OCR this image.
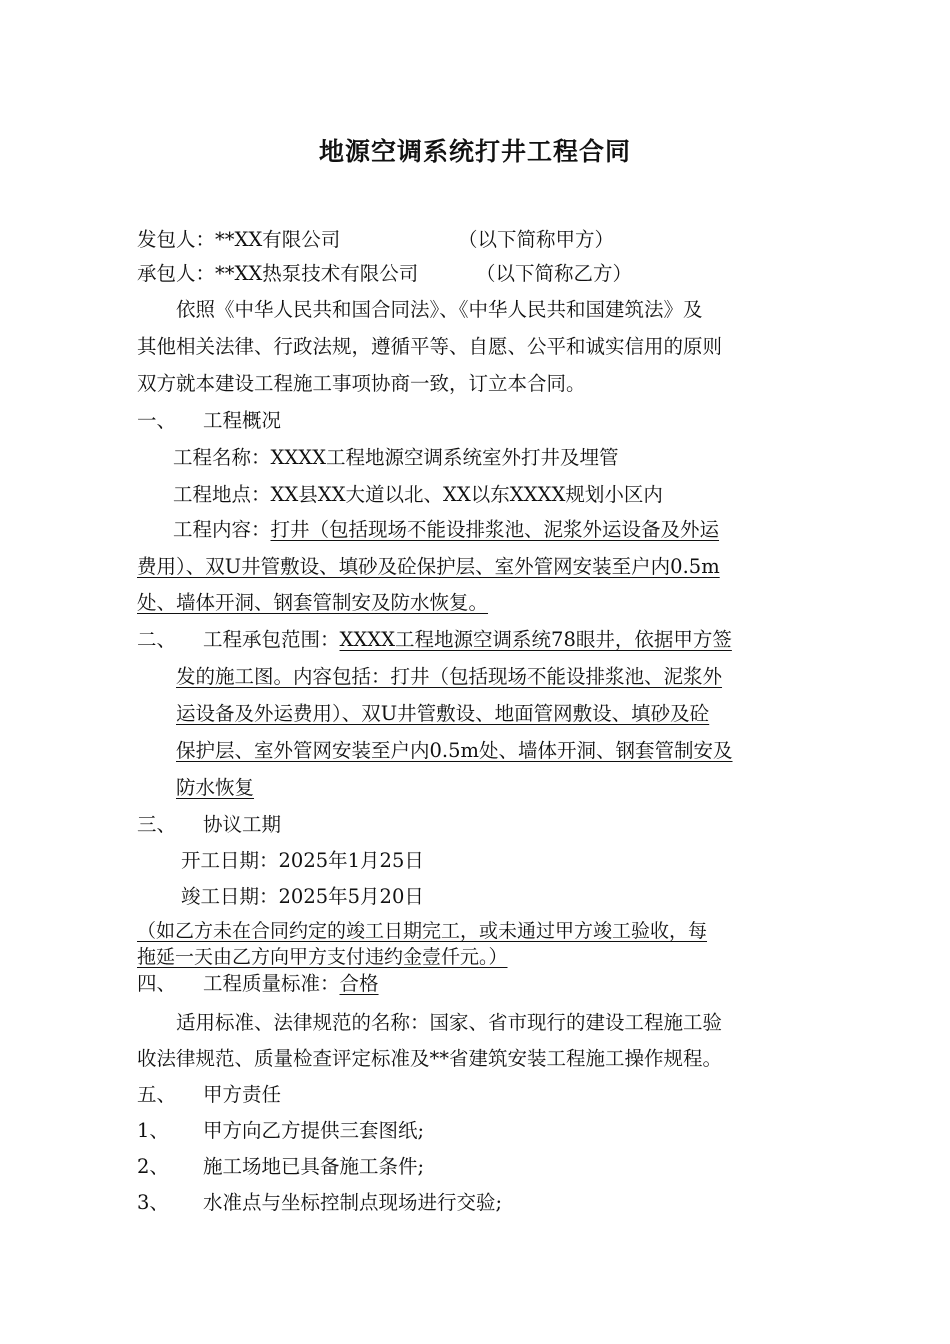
地源空调系统打井工程合同
发包人：**XX有限公司	（以下简称甲方）
承包人：**XX热泵技术有限公司	（以下简称乙方）
依照《中华人民共和国合同法》、《中华人民共和国建筑法》及
其他相关法律、行政法规，遵循平等、自愿、公平和诚实信用的原则
双方就本建设工程施工事项协商一致，订立本合同。
一、 工程概况
工程名称：XXXX工程地源空调系统室外打井及埋管
工程地点：XX县XX大道以北、XX以东XXXX规划小区内
工程内容：打井（包括现场不能设排浆池、泥浆外运设备及外运
费用）、双U井管敷设、填砂及砼保护层、室外管网安装至户内0.5m
处、墙体开洞、钢套管制安及防水恢复。
二、 工程承包范围：XXXX工程地源空调系统78眼井，依据甲方签
发的施工图。内容包括：打井（包括现场不能设排浆池、泥浆外
运设备及外运费用）、双U井管敷设、地面管网敷设、填砂及砼
保护层、室外管网安装至户内0.5m处、墙体开洞、钢套管制安及
防水恢复
三、 协议工期
开工日期：2025年1月25日
竣工日期：2025年5月20日
（如乙方未在合同约定的竣工日期完工，或未通过甲方竣工验收，每
拖延一天由乙方向甲方支付违约金壹仟元。）
四、 工程质量标准：合格
适用标准、法律规范的名称：国家、省市现行的建设工程施工验
收法律规范、质量检查评定标准及**省建筑安装工程施工操作规程。
五、 甲方责任
1、 甲方向乙方提供三套图纸;
2、 施工场地已具备施工条件;
3、 水准点与坐标控制点现场进行交验;
